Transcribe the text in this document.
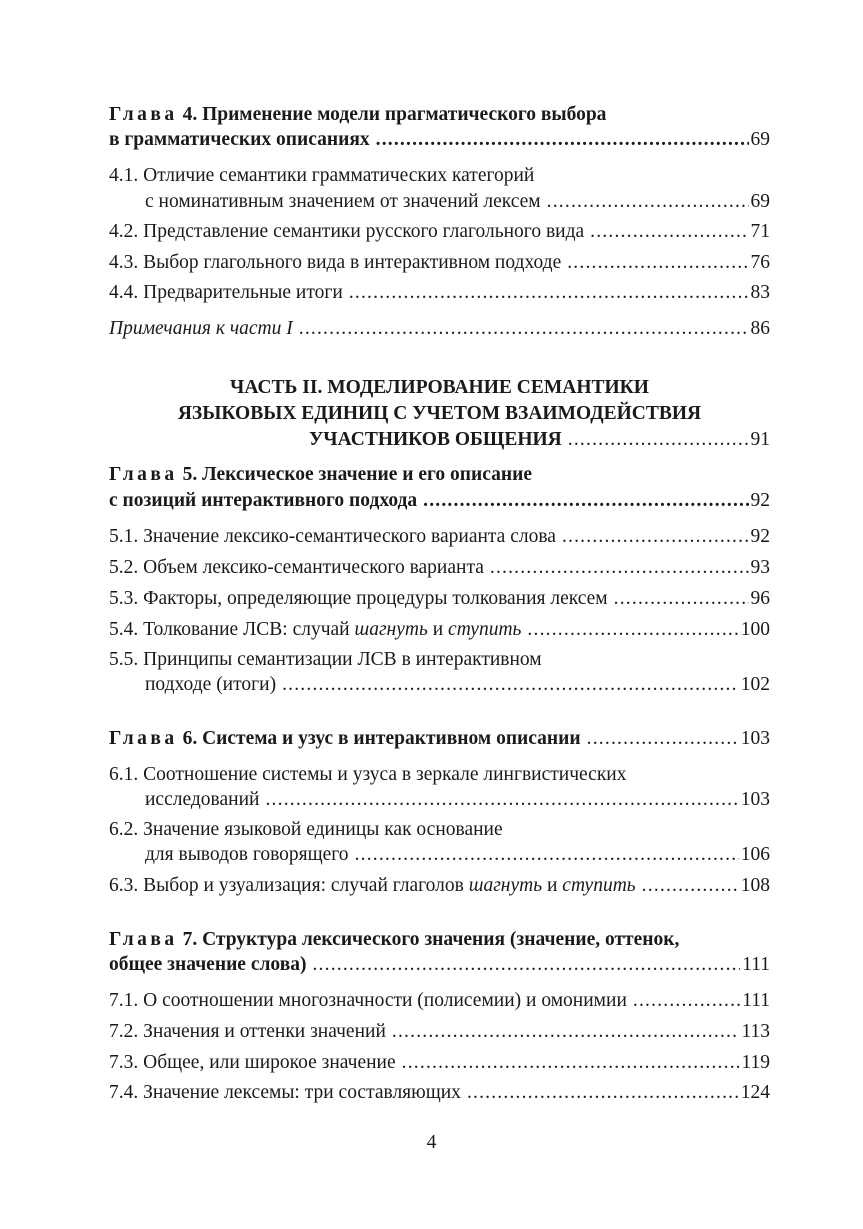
Глава 4. Применение модели прагматического выбора
в грамматических описаниях .....	69
4.1. Отличие семантики грамматических категорий
с номинативным значением от значений лексем .....	69
4.2. Представление семантики русского глагольного вида .....	71
4.3. Выбор глагольного вида в интерактивном подходе .....	76
4.4. Предварительные итоги .....	83
Примечания к части I .....	86
ЧАСТЬ II. МОДЕЛИРОВАНИЕ СЕМАНТИКИ
ЯЗЫКОВЫХ ЕДИНИЦ С УЧЕТОМ ВЗАИМОДЕЙСТВИЯ
УЧАСТНИКОВ ОБЩЕНИЯ .....	91
Глава 5. Лексическое значение и его описание
с позиций интерактивного подхода .....	92
5.1. Значение лексико-семантического варианта слова .....	92
5.2. Объем лексико-семантического варианта .....	93
5.3. Факторы, определяющие процедуры толкования лексем .....	96
5.4. Толкование ЛСВ: случай шагнуть и ступить .....	100
5.5. Принципы семантизации ЛСВ в интерактивном
подходе (итоги) .....	102
Глава 6. Система и узус в интерактивном описании .....	103
6.1. Соотношение системы и узуса в зеркале лингвистических
исследований .....	103
6.2. Значение языковой единицы как основание
для выводов говорящего .....	106
6.3. Выбор и узуализация: случай глаголов шагнуть и ступить .....	108
Глава 7. Структура лексического значения (значение, оттенок,
общее значение слова) .....	111
7.1. О соотношении многозначности (полисемии) и омонимии .....	111
7.2. Значения и оттенки значений .....	113
7.3. Общее, или широкое значение .....	119
7.4. Значение лексемы: три составляющих .....	124
4
